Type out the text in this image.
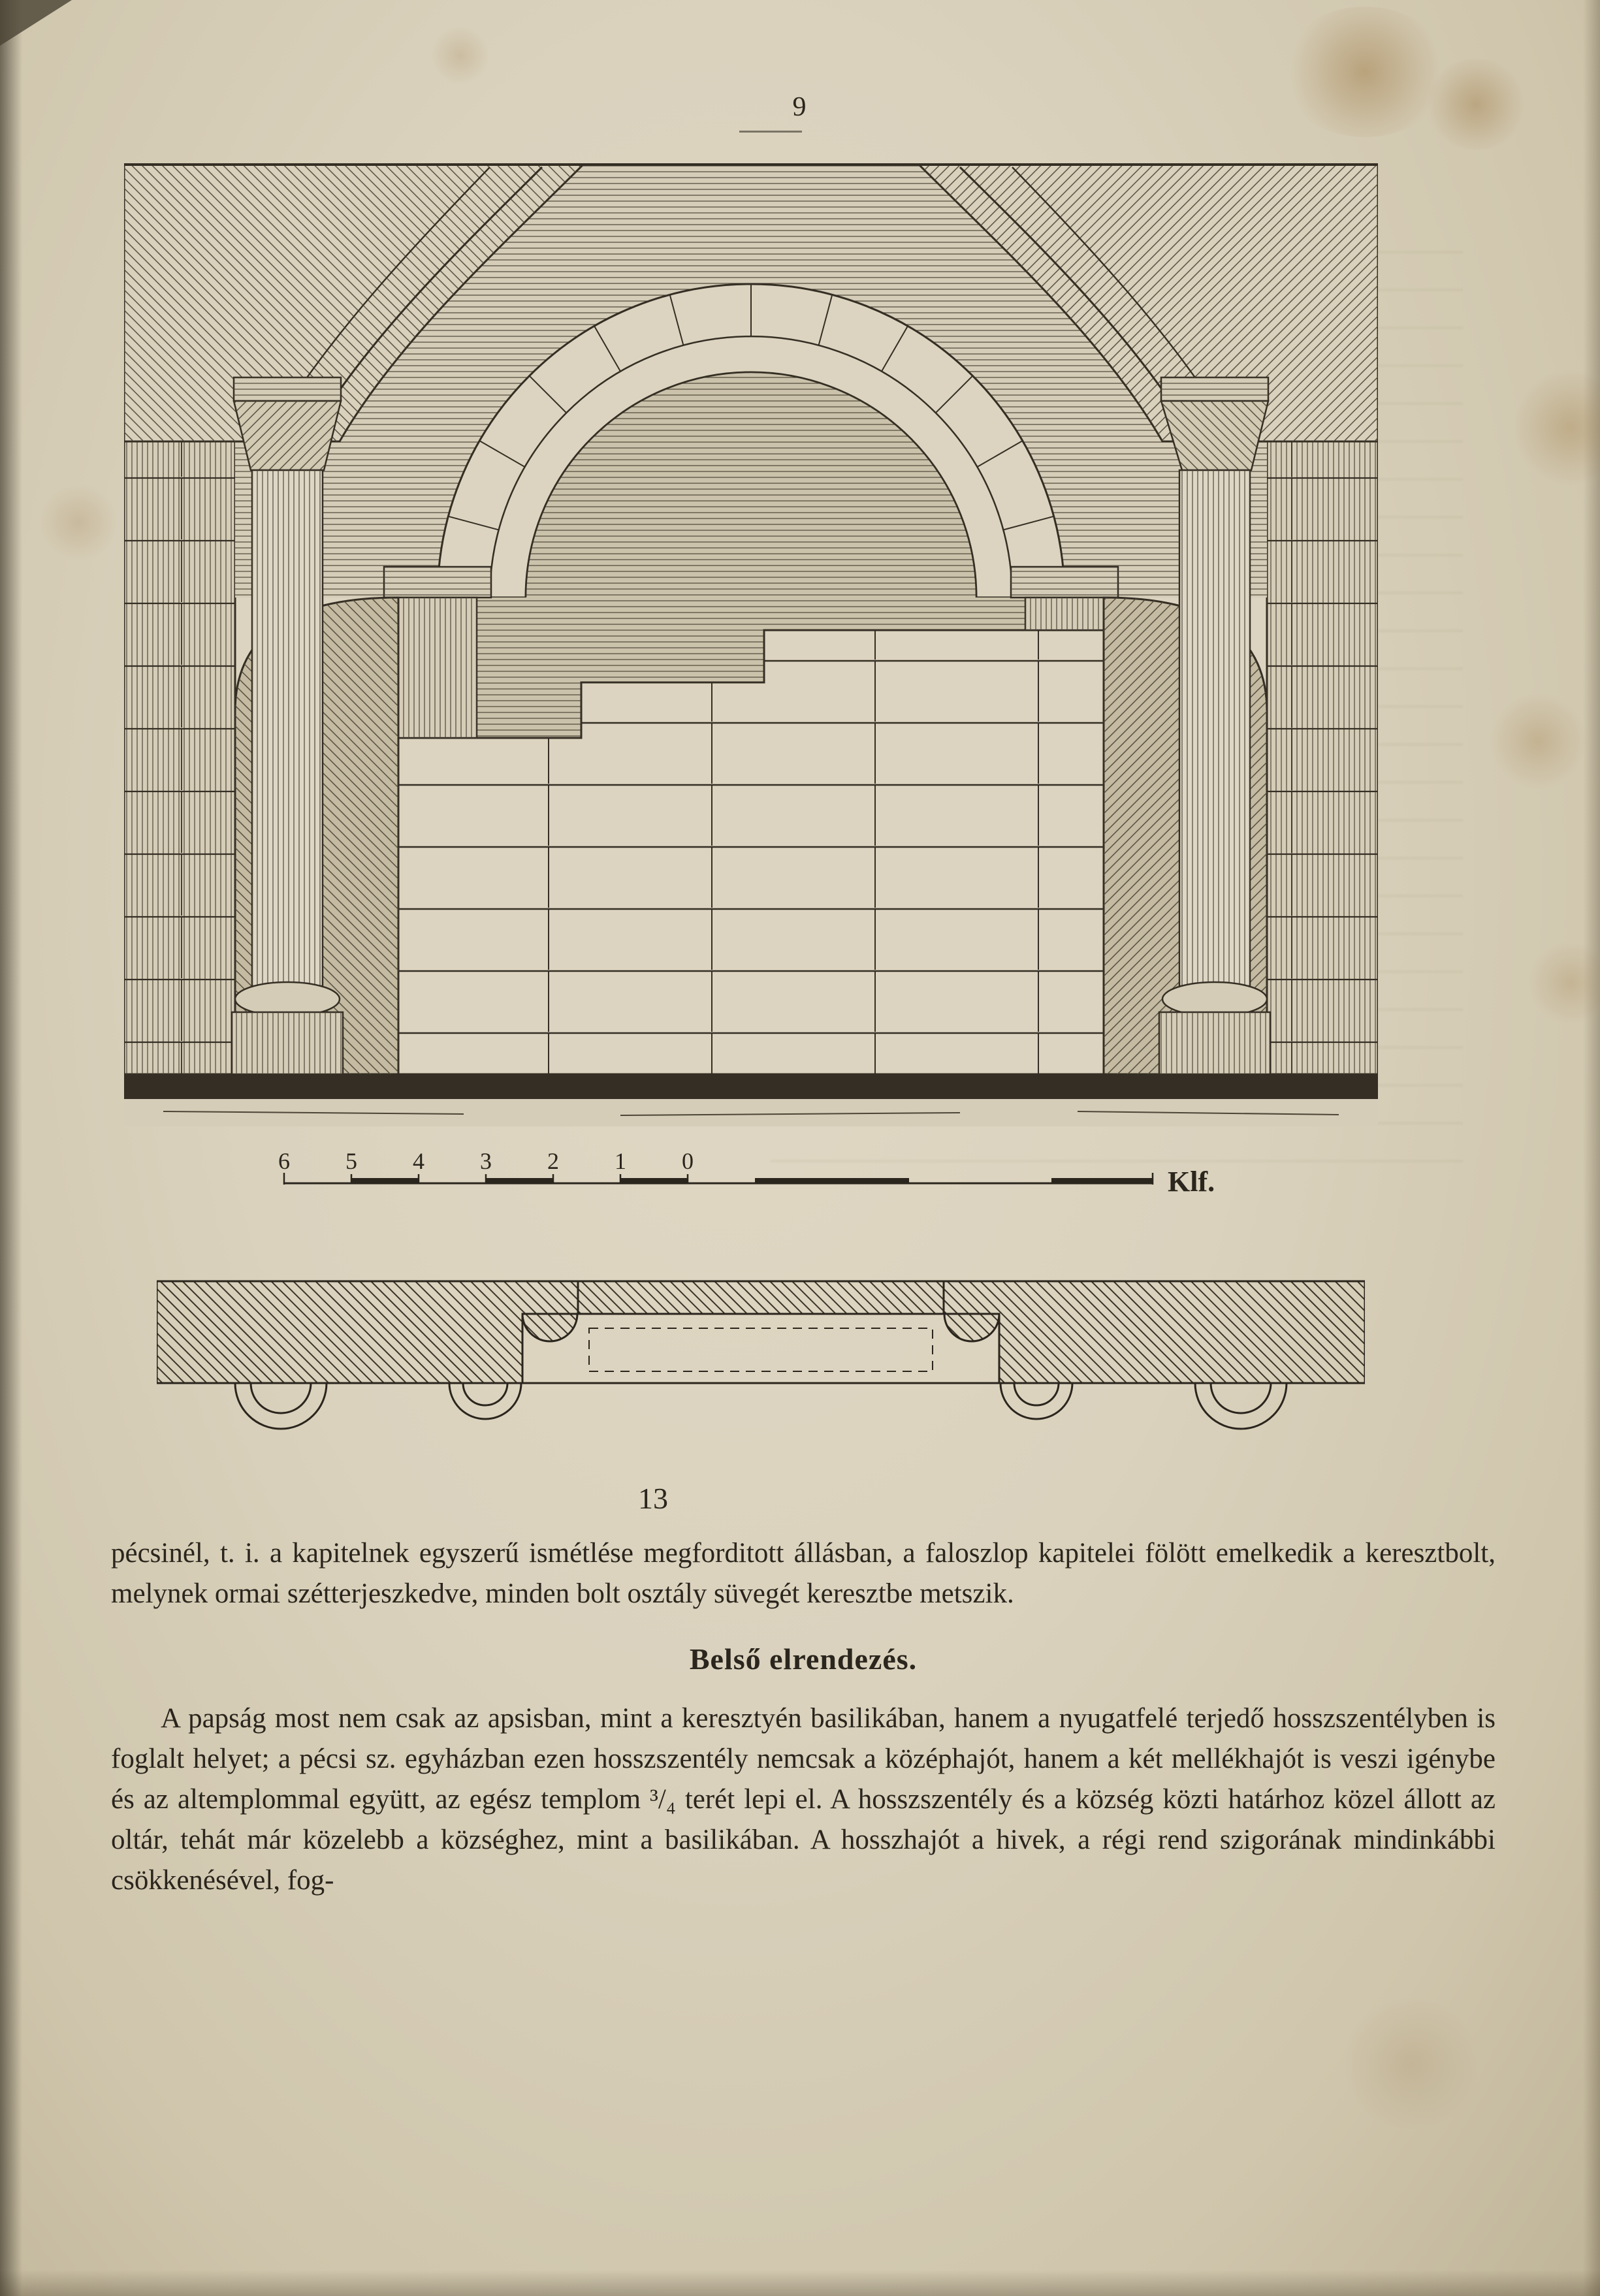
9
6 5 4 3 2 1 0
Klf.
13

pécsinél, t. i. a kapitelnek egyszerű ismétlése megforditott állásban, a faloszlop kapitelei fölött emelkedik a keresztbolt, melynek ormai szétterjeszkedve, minden bolt osztály süvegét keresztbe metszik.

Belső elrendezés.

A papság most nem csak az apsisban, mint a keresztyén basilikában, hanem a nyugatfelé terjedő hosszszentélyben is foglalt helyet; a pécsi sz. egyházban ezen hosszszentély nemcsak a középhajót, hanem a két mellékhajót is veszi igénybe és az altemplommal együtt, az egész templom ³/₄ terét lepi el. A hosszszentély és a község közti határhoz közel állott az oltár, tehát már közelebb a községhez, mint a basilikában. A hosszhajót a hivek, a régi rend szigorának mindinkábbi csökkenésével, fog-
